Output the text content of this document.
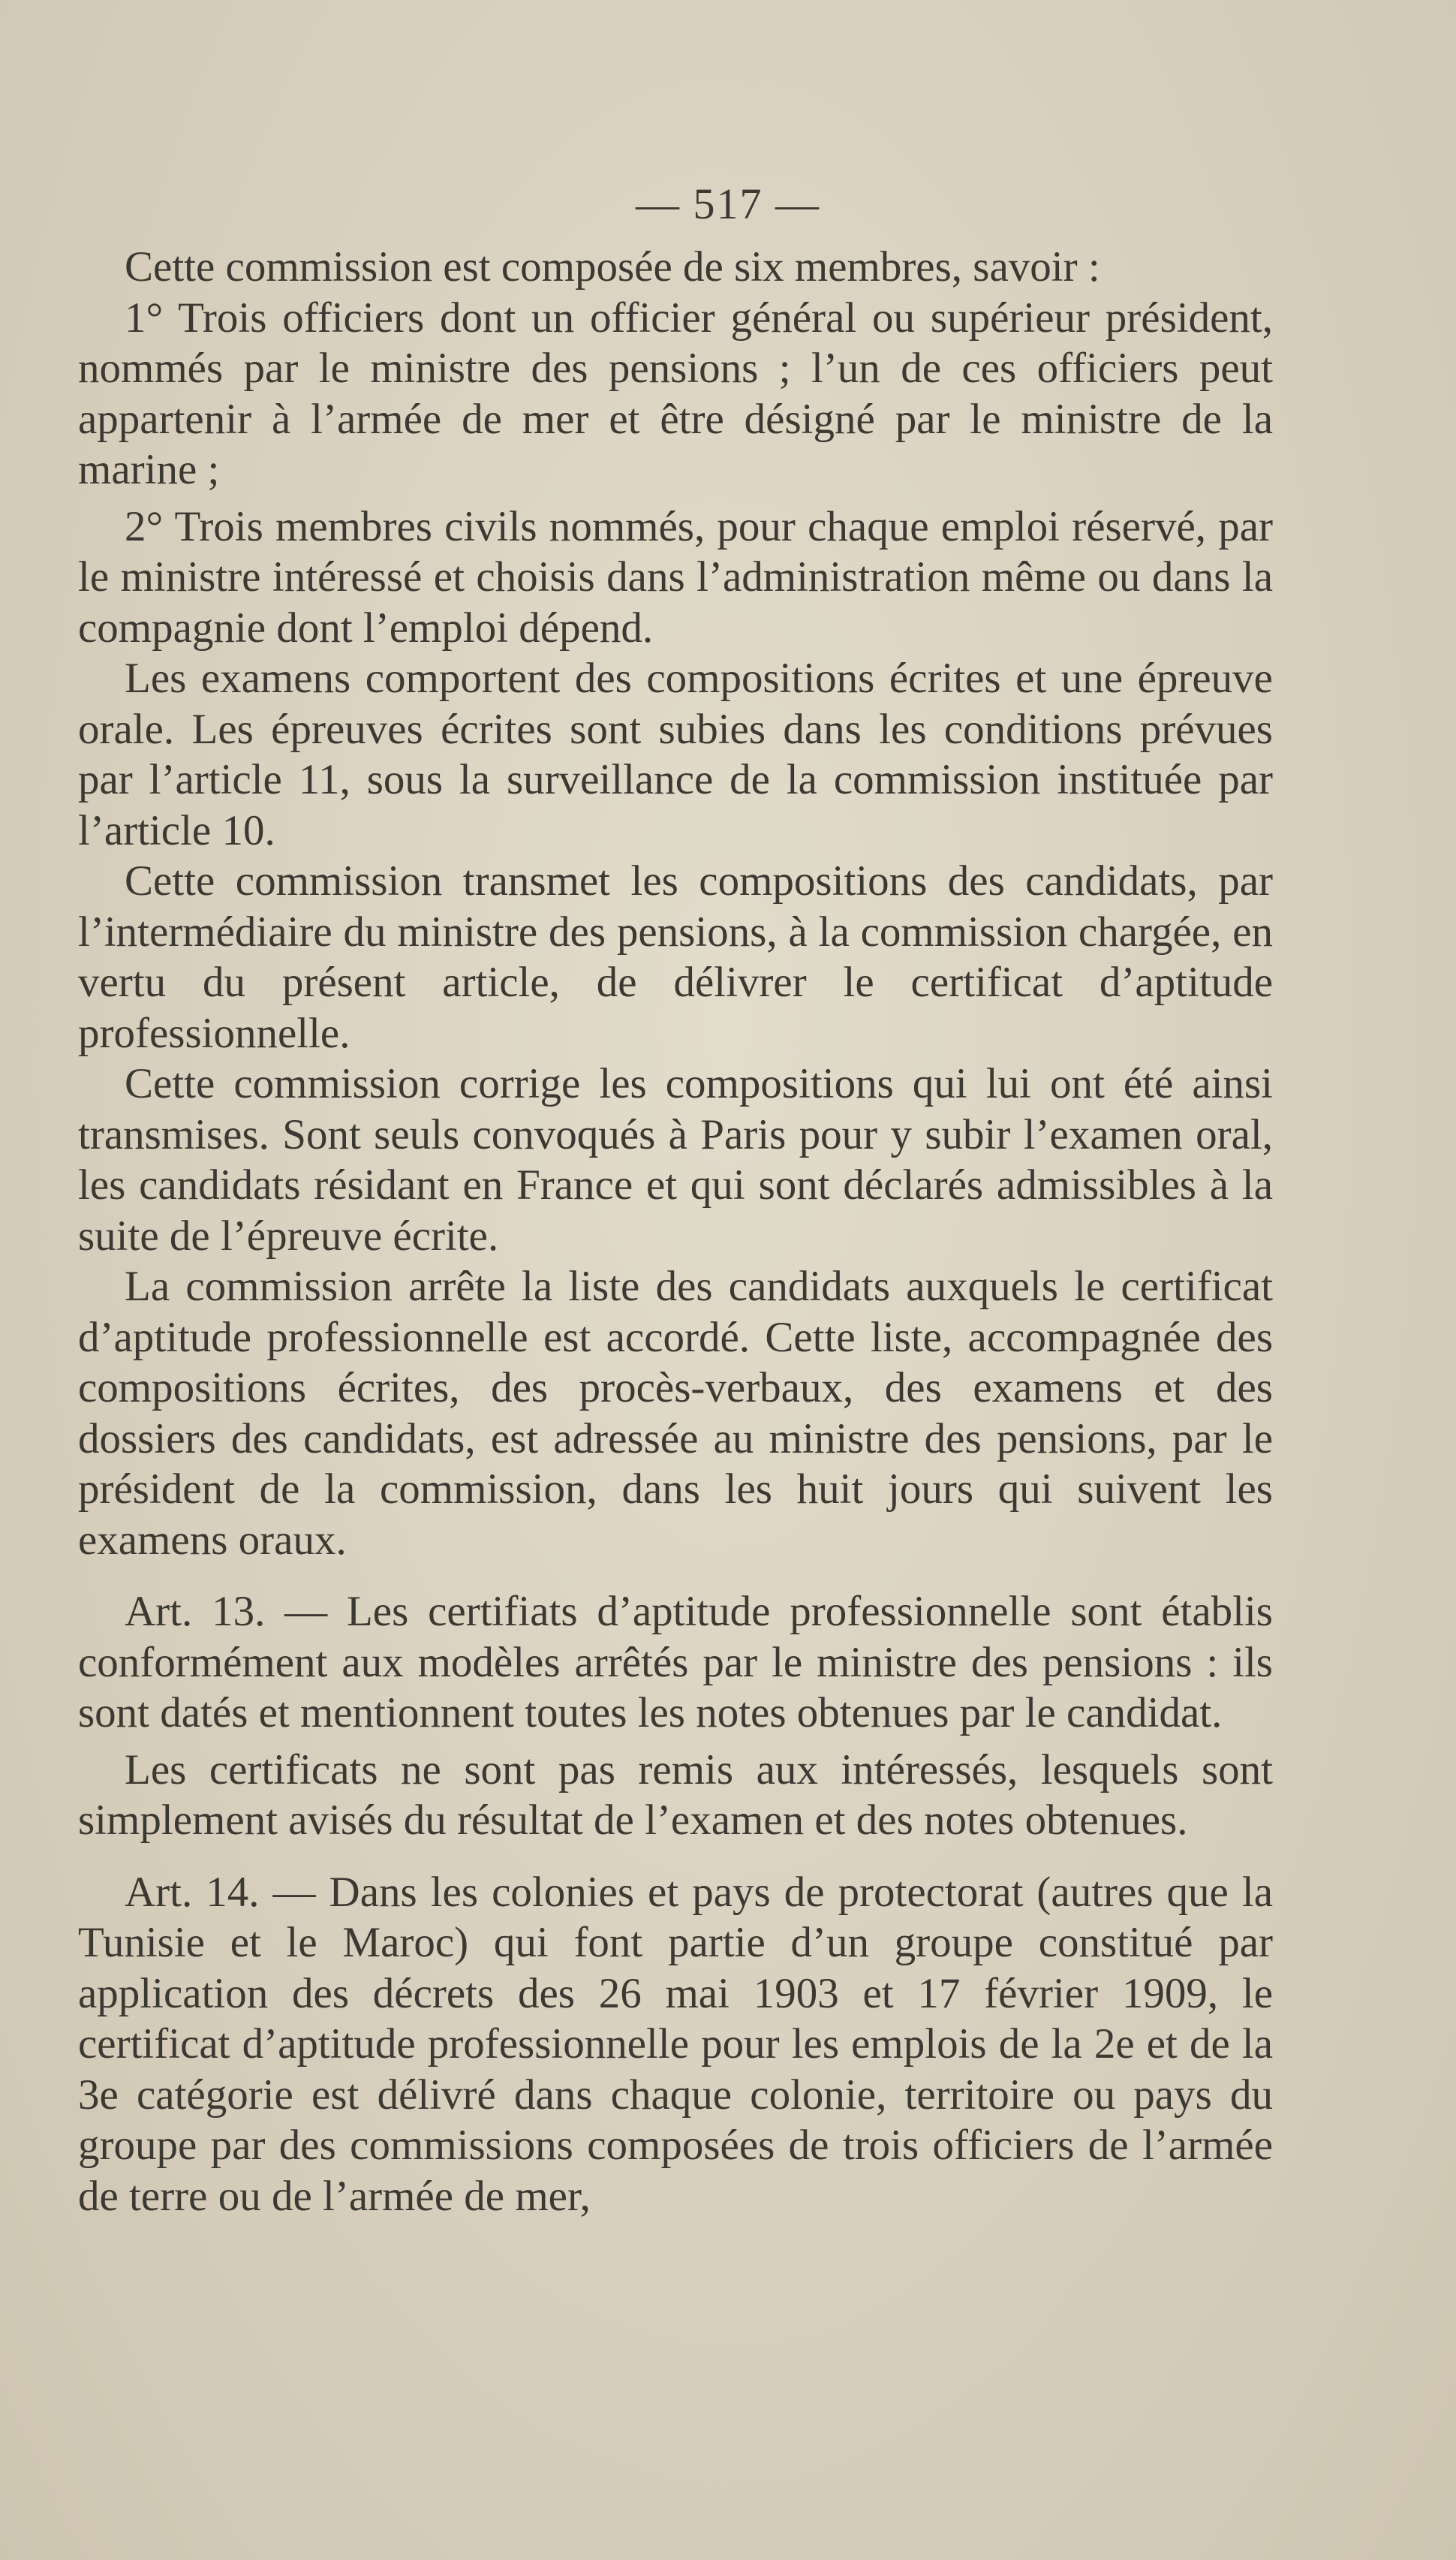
— 517 —

Cette commission est composée de six membres, savoir :

1° Trois officiers dont un officier général ou supérieur président, nommés par le ministre des pensions ; l’un de ces officiers peut appartenir à l’armée de mer et être désigné par le ministre de la marine ;

2° Trois membres civils nommés, pour chaque emploi réservé, par le ministre intéressé et choisis dans l’administration même ou dans la compagnie dont l’emploi dépend.

Les examens comportent des compositions écrites et une épreuve orale. Les épreuves écrites sont subies dans les conditions prévues par l’article 11, sous la surveillance de la commission instituée par l’article 10.

Cette commission transmet les compositions des candidats, par l’intermédiaire du ministre des pensions, à la commission chargée, en vertu du présent article, de délivrer le certificat d’aptitude professionnelle.

Cette commission corrige les compositions qui lui ont été ainsi transmises. Sont seuls convoqués à Paris pour y subir l’examen oral, les candidats résidant en France et qui sont déclarés admissibles à la suite de l’épreuve écrite.

La commission arrête la liste des candidats auxquels le certificat d’aptitude professionnelle est accordé. Cette liste, accompagnée des compositions écrites, des procès-verbaux, des examens et des dossiers des candidats, est adressée au ministre des pensions, par le président de la commission, dans les huit jours qui suivent les examens oraux.

Art. 13. — Les certifiats d’aptitude professionnelle sont établis conformément aux modèles arrêtés par le ministre des pensions : ils sont datés et mentionnent toutes les notes obtenues par le candidat.

Les certificats ne sont pas remis aux intéressés, lesquels sont simplement avisés du résultat de l’examen et des notes obtenues.

Art. 14. — Dans les colonies et pays de protectorat (autres que la Tunisie et le Maroc) qui font partie d’un groupe constitué par application des décrets des 26 mai 1903 et 17 février 1909, le certificat d’aptitude professionnelle pour les emplois de la 2e et de la 3e catégorie est délivré dans chaque colonie, territoire ou pays du groupe par des commissions composées de trois officiers de l’armée de terre ou de l’armée de mer,
